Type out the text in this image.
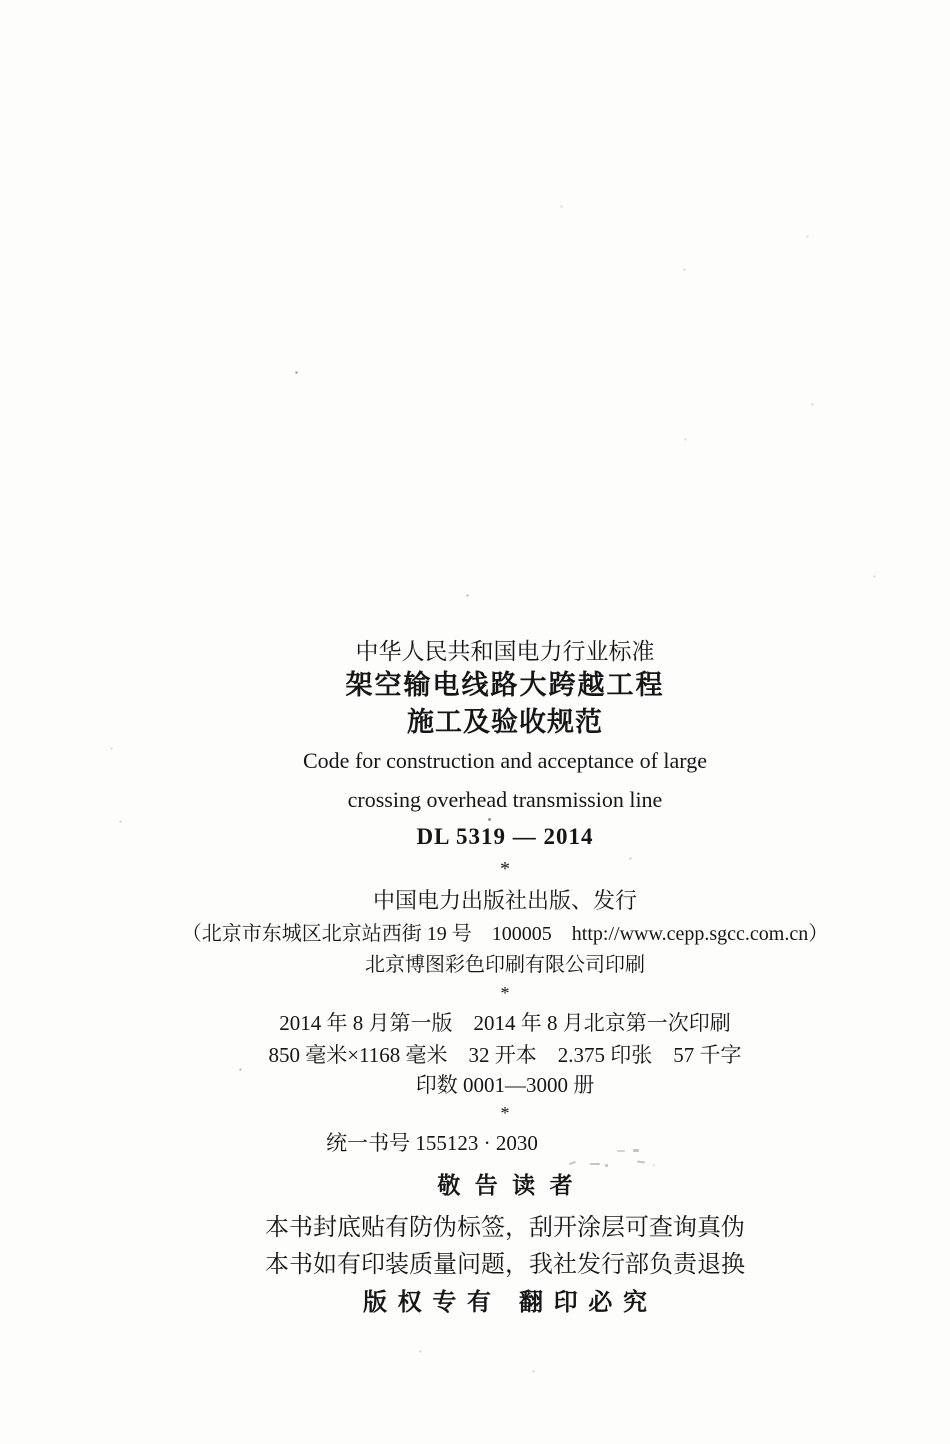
中华人民共和国电力行业标准
架空输电线路大跨越工程
施工及验收规范
Code for construction and acceptance of large
crossing overhead transmission line
DL 5319 — 2014
*
中国电力出版社出版、发行
（北京市东城区北京站西街 19 号　100005　http://www.cepp.sgcc.com.cn）
北京博图彩色印刷有限公司印刷
*
2014 年 8 月第一版　2014 年 8 月北京第一次印刷
850 毫米×1168 毫米　32 开本　2.375 印张　57 千字
印数 0001—3000 册
*
统一书号 155123 · 2030
敬 告 读 者
本书封底贴有防伪标签，刮开涂层可查询真伪
本书如有印装质量问题，我社发行部负责退换
版 权 专 有　翻 印 必 究
